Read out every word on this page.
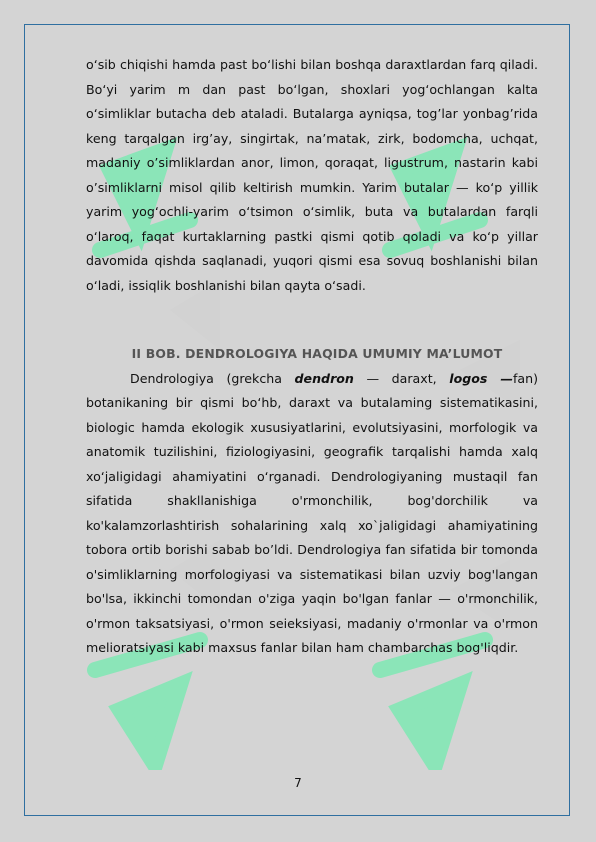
o‘sib chiqishi hamda past bo‘lishi bilan boshqa daraxtlardan farq qiladi. Bo‘yi yarim m dan past bo‘lgan, shoxlari yog‘ochlangan kalta o‘simliklar butacha deb ataladi. Butalarga ayniqsa, tog’lar yonbag’rida keng tarqalgan irg’ay, singirtak, na’matak, zirk, bodomcha, uchqat, madaniy o’simliklardan anor, limon, qoraqat, ligustrum, nastarin kabi o’simliklarni misol qilib keltirish mumkin. Yarim butalar — ko‘p yillik yarim yog‘ochli-yarim o‘tsimon o‘simlik, buta va butalardan farqli o‘laroq, faqat kurtaklarning pastki qismi qotib qoladi va ko‘p yillar davomida qishda saqlanadi, yuqori qismi esa sovuq boshlanishi bilan o‘ladi, issiqlik boshlanishi bilan qayta o‘sadi.

II BOB. DENDROLOGIYA HAQIDA UMUMIY MA’LUMOT

Dendrologiya (grekcha dendron — daraxt, logos —fan) botanikaning bir qismi bo‘hb, daraxt va butalaming sistematikasini, biologic hamda ekologik xususiyatlarini, evolutsiyasini, morfologik va anatomik tuzilishini, fiziologiyasini, geografik tarqalishi hamda xalq xo‘jaligidagi ahamiyatini o‘rganadi. Dendrologiyaning mustaqil fan sifatida shakllanishiga o'rmonchilik, bog'dorchilik va ko'kalamzorlashtirish sohalarining xalq xo`jaligidagi ahamiyatining tobora ortib borishi sabab bo’ldi. Dendrologiya fan sifatida bir tomonda o'simliklarning morfologiyasi va sistematikasi bilan uzviy bog'langan bo'lsa, ikkinchi tomondan o'ziga yaqin bo'lgan fanlar — o'rmonchilik, o'rmon taksatsiyasi, o'rmon seieksiyasi, madaniy o'rmonlar va o'rmon melioratsiyasi kabi maxsus fanlar bilan ham chambarchas bog'liqdir.

7
